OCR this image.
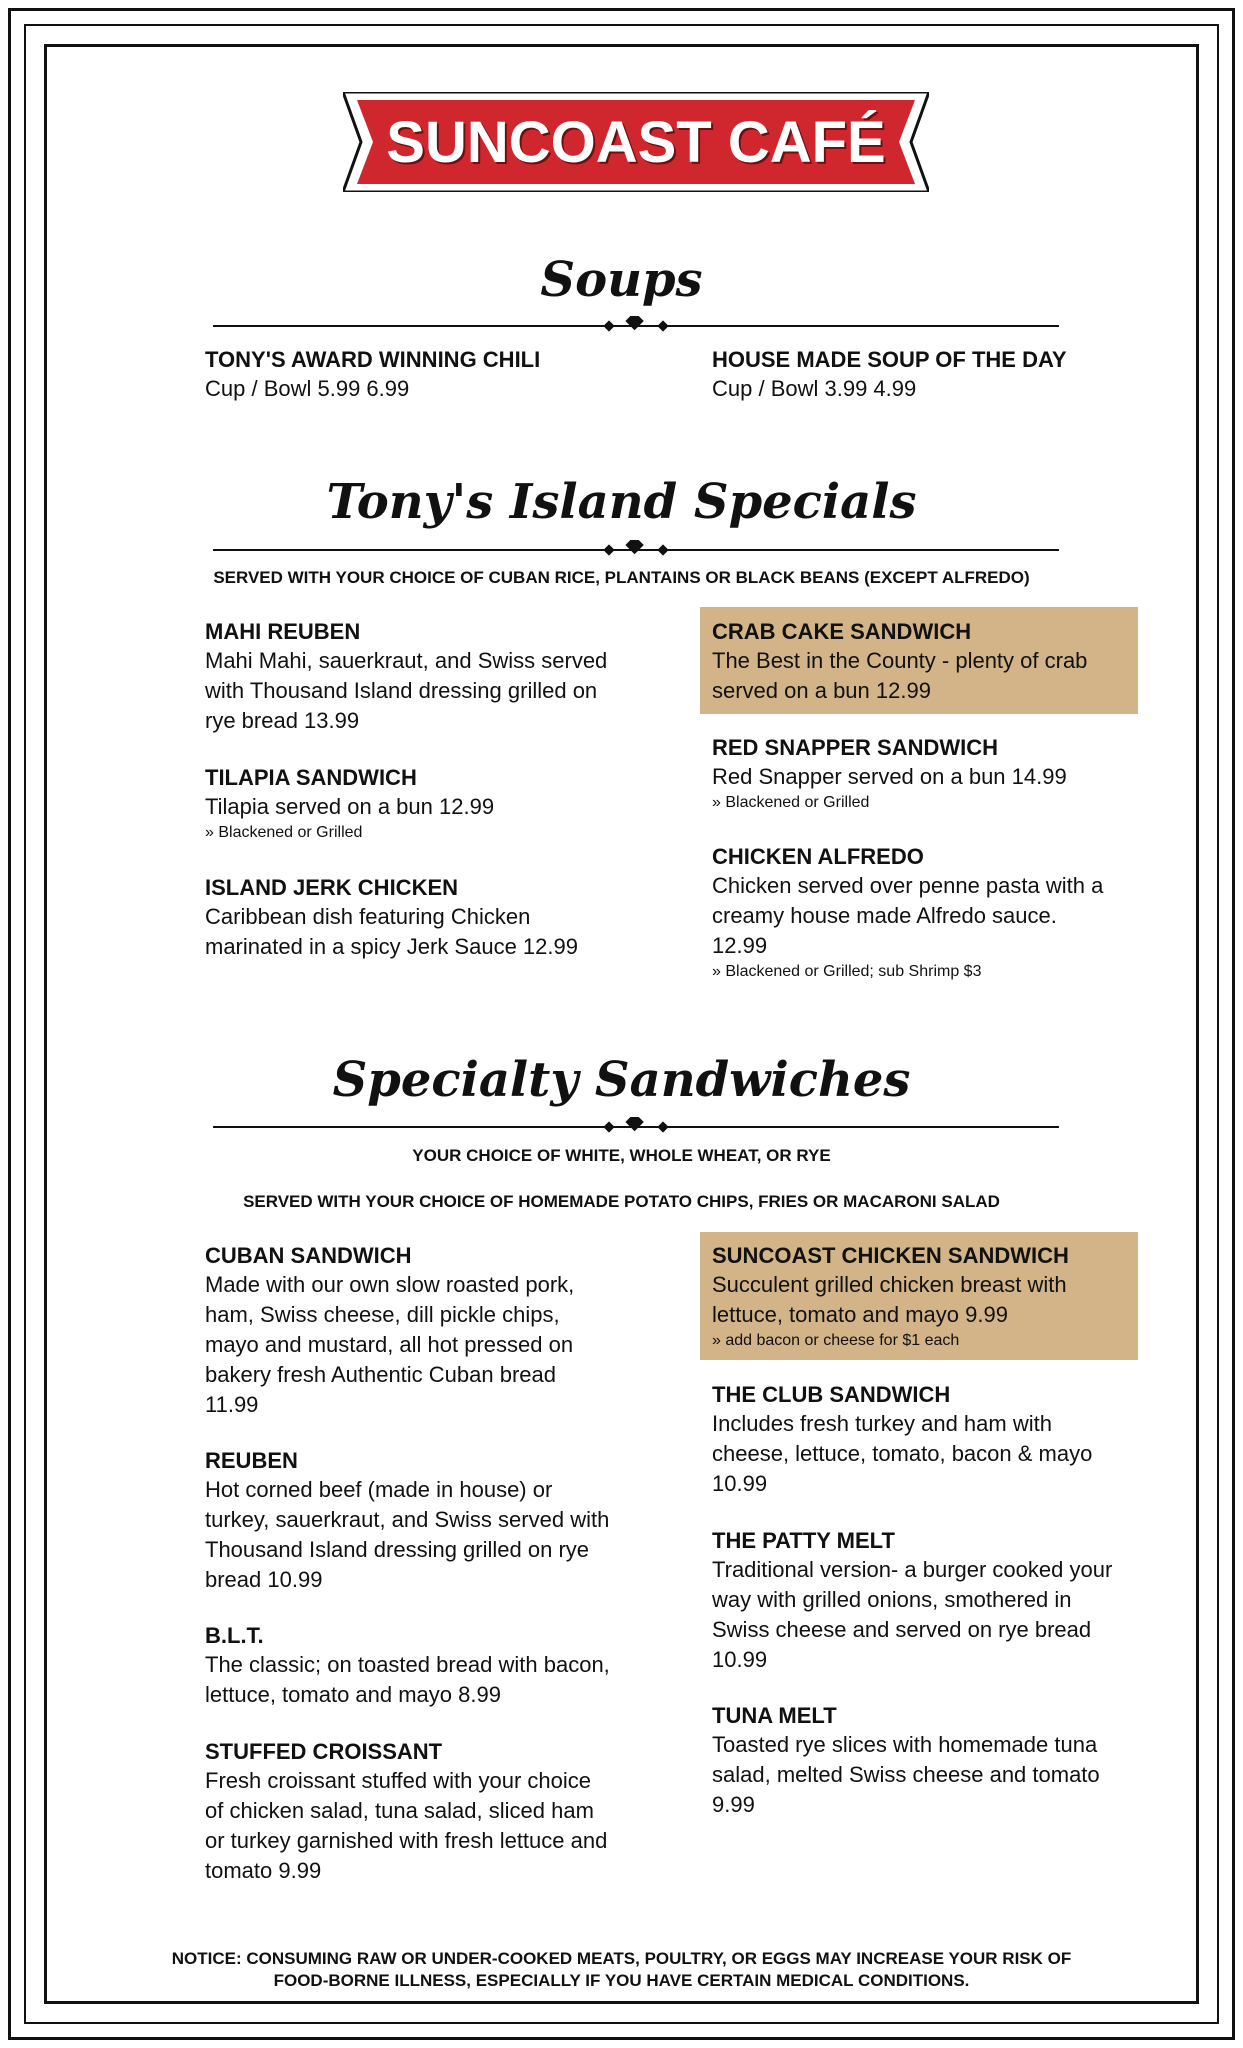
SUNCOAST CAFÉ
Soups
TONY'S AWARD WINNING CHILI
Cup / Bowl 5.99 6.99
HOUSE MADE SOUP OF THE DAY
Cup / Bowl 3.99 4.99
Tony's Island Specials
SERVED WITH YOUR CHOICE OF CUBAN RICE, PLANTAINS OR BLACK BEANS (EXCEPT ALFREDO)
MAHI REUBEN
Mahi Mahi, sauerkraut, and Swiss served
with Thousand Island dressing grilled on
rye bread 13.99
TILAPIA SANDWICH
Tilapia served on a bun 12.99
» Blackened or Grilled
ISLAND JERK CHICKEN
Caribbean dish featuring Chicken
marinated in a spicy Jerk Sauce 12.99
CRAB CAKE SANDWICH
The Best in the County - plenty of crab
served on a bun 12.99
RED SNAPPER SANDWICH
Red Snapper served on a bun 14.99
» Blackened or Grilled
CHICKEN ALFREDO
Chicken served over penne pasta with a
creamy house made Alfredo sauce.
12.99
» Blackened or Grilled; sub Shrimp $3
Specialty Sandwiches
YOUR CHOICE OF WHITE, WHOLE WHEAT, OR RYE
SERVED WITH YOUR CHOICE OF HOMEMADE POTATO CHIPS, FRIES OR MACARONI SALAD
CUBAN SANDWICH
Made with our own slow roasted pork,
ham, Swiss cheese, dill pickle chips,
mayo and mustard, all hot pressed on
bakery fresh Authentic Cuban bread
11.99
REUBEN
Hot corned beef (made in house) or
turkey, sauerkraut, and Swiss served with
Thousand Island dressing grilled on rye
bread 10.99
B.L.T.
The classic; on toasted bread with bacon,
lettuce, tomato and mayo 8.99
STUFFED CROISSANT
Fresh croissant stuffed with your choice
of chicken salad, tuna salad, sliced ham
or turkey garnished with fresh lettuce and
tomato 9.99
SUNCOAST CHICKEN SANDWICH
Succulent grilled chicken breast with
lettuce, tomato and mayo 9.99
» add bacon or cheese for $1 each
THE CLUB SANDWICH
Includes fresh turkey and ham with
cheese, lettuce, tomato, bacon & mayo
10.99
THE PATTY MELT
Traditional version- a burger cooked your
way with grilled onions, smothered in
Swiss cheese and served on rye bread
10.99
TUNA MELT
Toasted rye slices with homemade tuna
salad, melted Swiss cheese and tomato
9.99
NOTICE: CONSUMING RAW OR UNDER-COOKED MEATS, POULTRY, OR EGGS MAY INCREASE YOUR RISK OF
FOOD-BORNE ILLNESS, ESPECIALLY IF YOU HAVE CERTAIN MEDICAL CONDITIONS.
